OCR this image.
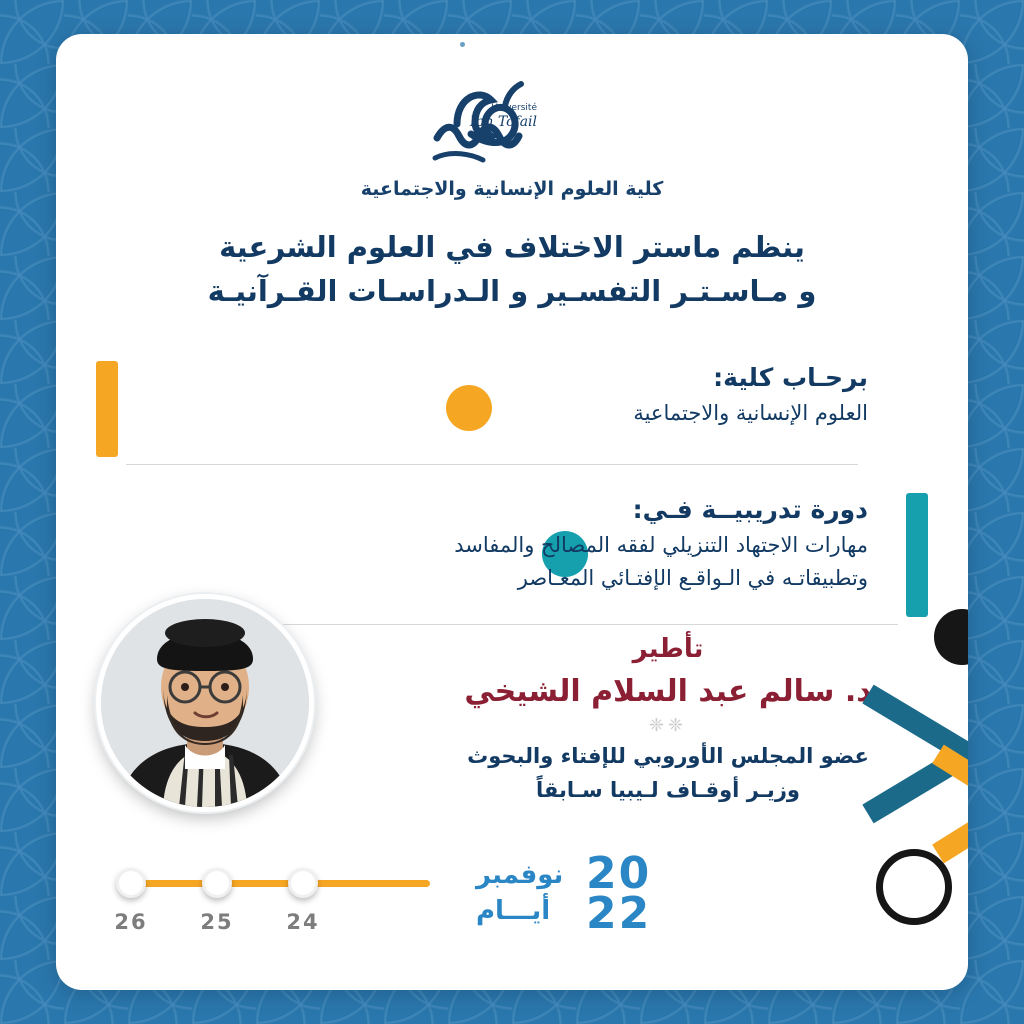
Université
Ibn Tofail
كلية العلوم الإنسانية والاجتماعية
ينظم ماستر الاختلاف في العلوم الشرعية
و مـاسـتـر التفسـير و الـدراسـات القـرآنيـة
برحـاب كلية:
العلوم الإنسانية والاجتماعية
دورة تدريبيــة فـي:
مهارات الاجتهاد التنزيلي لفقه المصالح والمفاسد
وتطبيقاتـه في الـواقـع الإفتـائي المعـاصر
تأطير
د. سالم عبد السلام الشيخي
❈❈
عضو المجلس الأوروبي للإفتاء والبحوث
وزيـر أوقـاف لـيبيا سـابقاً
26	25	24
نوفمبر
أيـــام
20
22
